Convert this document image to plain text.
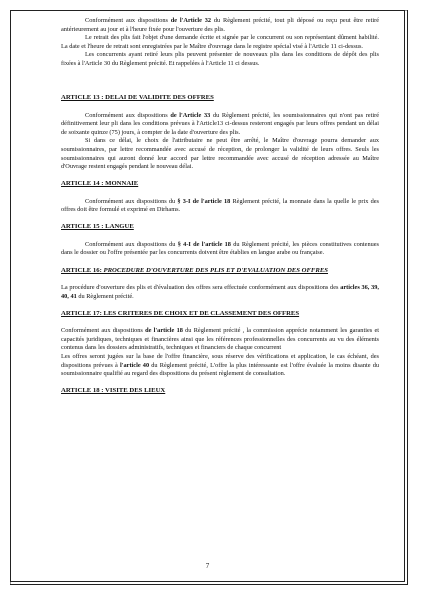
Conformément aux dispositions de l'Article 32 du Règlement précité, tout pli déposé ou reçu peut être retiré antérieurement au jour et à l'heure fixée pour l'ouverture des plis.

Le retrait des plis fait l'objet d'une demande écrite et signée par le concurrent ou son représentant dûment habilité. La date et l'heure de retrait sont enregistrées par le Maître d'ouvrage dans le registre spécial visé à l'Article 11 ci-dessus.

Les concurrents ayant retiré leurs plis peuvent présenter de nouveaux plis dans les conditions de dépôt des plis fixées à l'Article 30 du Règlement précité. Et rappelées à l'Article 11 ci dessus.

ARTICLE 13 : DELAI DE VALIDITE DES OFFRES

Conformément aux dispositions de l'Article 33 du Règlement précité, les soumissionnaires qui n'ont pas retiré définitivement leur pli dans les conditions prévues à l'Article13 ci-dessus resteront engagés par leurs offres pendant un délai de soixante quinze (75) jours, à compter de la date d'ouverture des plis.

Si dans ce délai, le choix de l'attributaire ne peut être arrêté, le Maître d'ouvrage pourra demander aux soumissionnaires, par lettre recommandée avec accusé de réception, de prolonger la validité de leurs offres. Seuls les soumissionnaires qui auront donné leur accord par lettre recommandée avec accusé de réception adressée au Maître d'Ouvrage restent engagés pendant le nouveau délai.

ARTICLE 14 : MONNAIE

Conformément aux dispositions du § 3-I de l'article 18 Règlement précité, la monnaie dans la quelle le prix des offres doit être formulé et exprimé en Dirhams.

ARTICLE 15 : LANGUE

Conformément aux dispositions du § 4-I de l'article 18 du Règlement précité, les pièces constitutives contenues dans le dossier ou l'offre présentée par les concurrents doivent être établies en langue arabe ou française.

ARTICLE 16: PROCEDURE D'OUVERTURE DES PLIS ET D'EVALUATION DES OFFRES

La procédure d'ouverture des plis et d'évaluation des offres sera effectuée conformément aux dispositions des articles 36, 39, 40, 41 du Règlement précité.

ARTICLE 17: LES CRITERES DE CHOIX ET DE CLASSEMENT DES OFFRES

Conformément aux dispositions de l'article 18 du Règlement précité , la commission apprécie notamment les garanties et capacités juridiques, techniques et financières ainsi que les références professionnelles des concurrents au vu des éléments contenus dans les dossiers administratifs, techniques et financiers de chaque concurrent

Les offres seront jugées sur la base de l'offre financière, sous réserve des vérifications et application, le cas échéant, des dispositions prévues à l'article 40 du Règlement précité, L'offre la plus intéressante est l'offre évaluée la moins disante du soumissionnaire qualifié au regard des dispositions du présent règlement de consultation.

ARTICLE 18 : VISITE DES LIEUX
7
